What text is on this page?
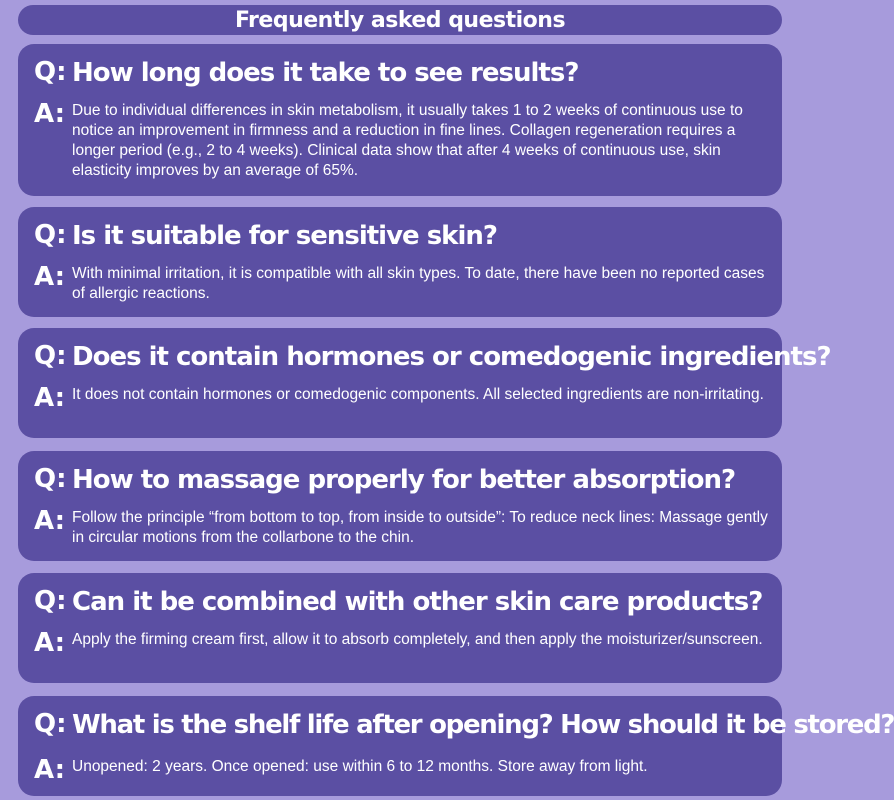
Frequently asked questions
Q: How long does it take to see results?
A: Due to individual differences in skin metabolism, it usually takes 1 to 2 weeks of continuous use to notice an improvement in firmness and a reduction in fine lines. Collagen regeneration requires a longer period (e.g., 2 to 4 weeks). Clinical data show that after 4 weeks of continuous use, skin elasticity improves by an average of 65%.
Q: Is it suitable for sensitive skin?
A: With minimal irritation, it is compatible with all skin types. To date, there have been no reported cases of allergic reactions.
Q: Does it contain hormones or comedogenic ingredients?
A: It does not contain hormones or comedogenic components. All selected ingredients are non-irritating.
Q: How to massage properly for better absorption?
A: Follow the principle “from bottom to top, from inside to outside”: To reduce neck lines: Massage gently in circular motions from the collarbone to the chin.
Q: Can it be combined with other skin care products?
A: Apply the firming cream first, allow it to absorb completely, and then apply the moisturizer/sunscreen.
Q: What is the shelf life after opening? How should it be stored?
A: Unopened: 2 years. Once opened: use within 6 to 12 months. Store away from light.
